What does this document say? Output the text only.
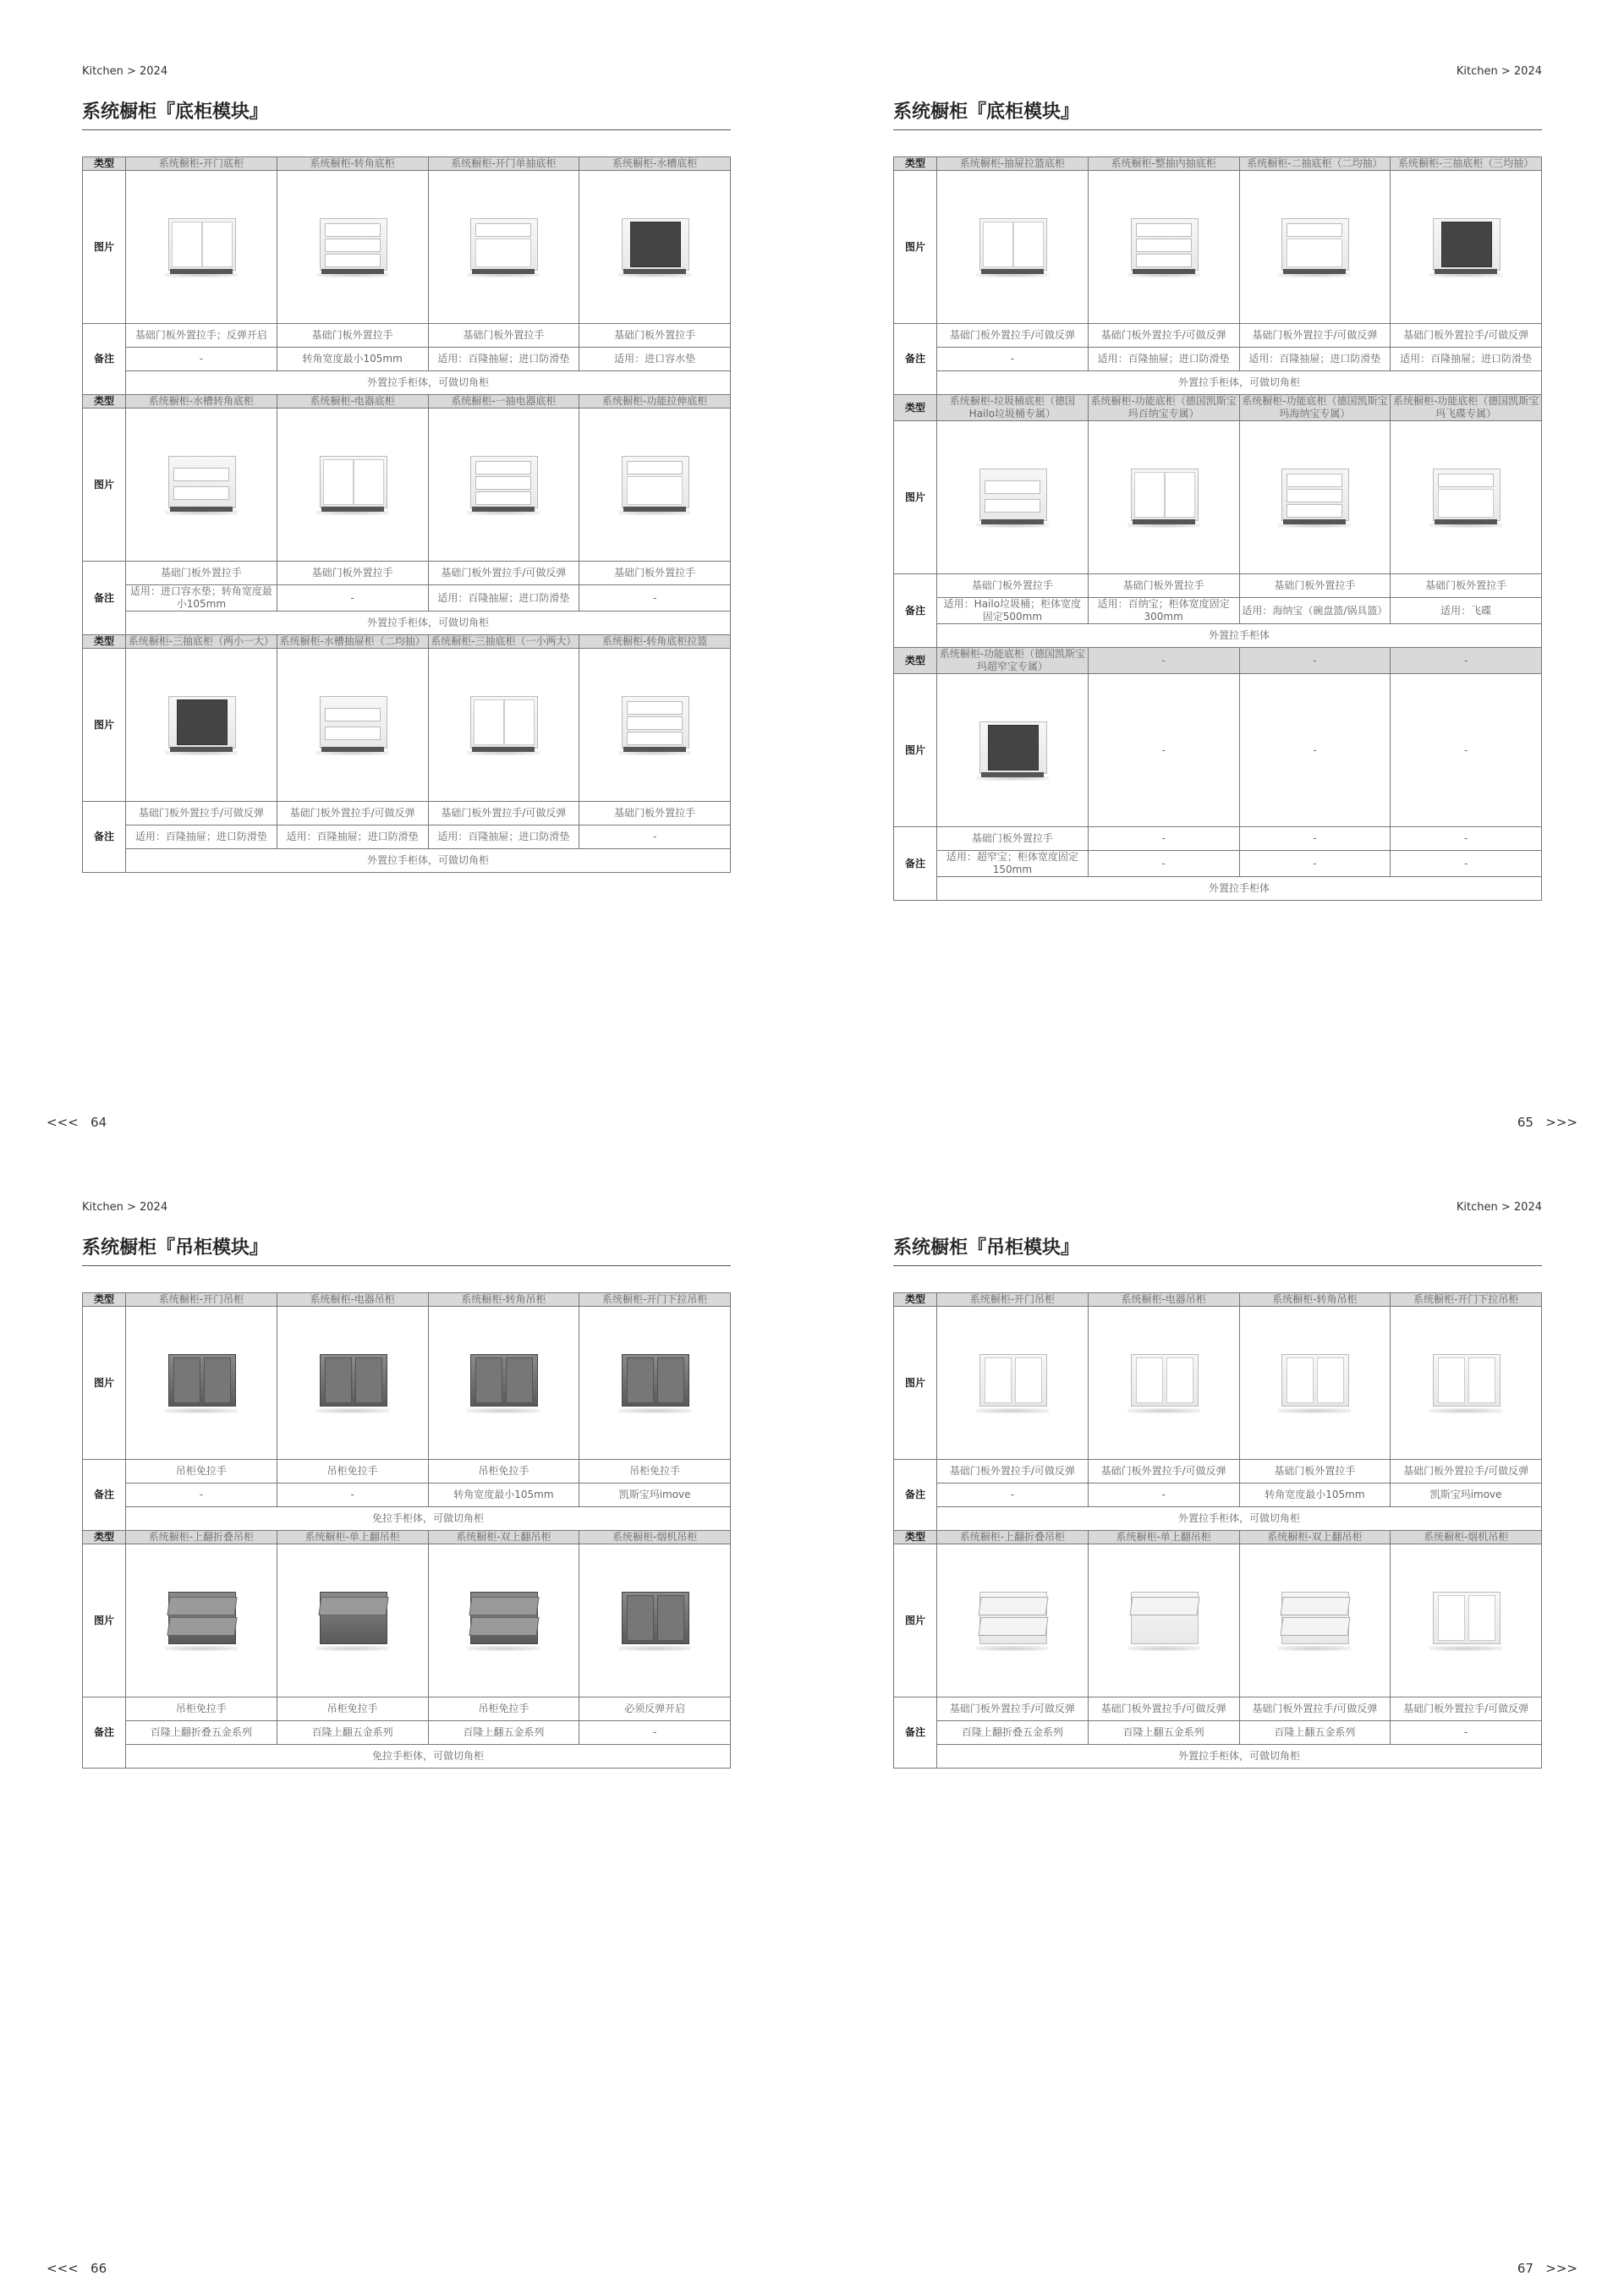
Kitchen > 2024
系统橱柜『底柜模块』
类型	系统橱柜-开门底柜	系统橱柜-转角底柜	系统橱柜-开门单抽底柜	系统橱柜-水槽底柜
图片	

备注	基础门板外置拉手；反弹开启	基础门板外置拉手	基础门板外置拉手	基础门板外置拉手
	-	转角宽度最小105mm	适用：百隆抽屉；进口防滑垫	适用：进口容水垫
	外置拉手柜体，可做切角柜			
类型	系统橱柜-水槽转角底柜	系统橱柜-电器底柜	系统橱柜-一抽电器底柜	系统橱柜-功能拉伸底柜
图片	

备注	基础门板外置拉手	基础门板外置拉手	基础门板外置拉手/可做反弹	基础门板外置拉手
	适用：进口容水垫；转角宽度最小105mm	-	适用：百隆抽屉；进口防滑垫	-
	外置拉手柜体，可做切角柜			
类型	系统橱柜-三抽底柜（两小一大）	系统橱柜-水槽抽屉柜（二均抽）	系统橱柜-三抽底柜（一小两大）	系统橱柜-转角底柜拉篮
图片	

备注	基础门板外置拉手/可做反弹	基础门板外置拉手/可做反弹	基础门板外置拉手/可做反弹	基础门板外置拉手
	适用：百隆抽屉；进口防滑垫	适用：百隆抽屉；进口防滑垫	适用：百隆抽屉；进口防滑垫	-
	外置拉手柜体，可做切角柜			
<<< 64
Kitchen > 2024
系统橱柜『底柜模块』
类型	系统橱柜-抽屉拉篮底柜	系统橱柜-整抽内抽底柜	系统橱柜-二抽底柜（二均抽）	系统橱柜-三抽底柜（三均抽）
图片	

备注	基础门板外置拉手/可做反弹	基础门板外置拉手/可做反弹	基础门板外置拉手/可做反弹	基础门板外置拉手/可做反弹
	-	适用：百隆抽屉；进口防滑垫	适用：百隆抽屉；进口防滑垫	适用：百隆抽屉；进口防滑垫
	外置拉手柜体，可做切角柜			
类型	系统橱柜-垃圾桶底柜（德国Hailo垃圾桶专属）	系统橱柜-功能底柜（德国凯斯宝玛百纳宝专属）	系统橱柜-功能底柜（德国凯斯宝玛海纳宝专属）	系统橱柜-功能底柜（德国凯斯宝玛飞碟专属）
图片	

备注	基础门板外置拉手	基础门板外置拉手	基础门板外置拉手	基础门板外置拉手
	适用：Hailo垃圾桶；柜体宽度固定500mm	适用：百纳宝；柜体宽度固定300mm	适用：海纳宝（碗盘篮/锅具篮）	适用：飞碟
	外置拉手柜体			
类型	系统橱柜-功能底柜（德国凯斯宝玛超窄宝专属）	-	-	-
图片		-	-	-
备注	基础门板外置拉手	-	-	-
	适用：超窄宝；柜体宽度固定150mm	-	-	-
	外置拉手柜体			
65 >>>
Kitchen > 2024
系统橱柜『吊柜模块』
类型	系统橱柜-开门吊柜	系统橱柜-电器吊柜	系统橱柜-转角吊柜	系统橱柜-开门下拉吊柜
图片	

备注	吊柜免拉手	吊柜免拉手	吊柜免拉手	吊柜免拉手
	-	-	转角宽度最小105mm	凯斯宝玛imove
	免拉手柜体，可做切角柜			
类型	系统橱柜-上翻折叠吊柜	系统橱柜-单上翻吊柜	系统橱柜-双上翻吊柜	系统橱柜-烟机吊柜
图片	

备注	吊柜免拉手	吊柜免拉手	吊柜免拉手	必须反弹开启
	百隆上翻折叠五金系列	百隆上翻五金系列	百隆上翻五金系列	-
	免拉手柜体，可做切角柜			
<<< 66
Kitchen > 2024
系统橱柜『吊柜模块』
类型	系统橱柜-开门吊柜	系统橱柜-电器吊柜	系统橱柜-转角吊柜	系统橱柜-开门下拉吊柜
图片	

备注	基础门板外置拉手/可做反弹	基础门板外置拉手/可做反弹	基础门板外置拉手	基础门板外置拉手/可做反弹
	-	-	转角宽度最小105mm	凯斯宝玛imove
	外置拉手柜体，可做切角柜			
类型	系统橱柜-上翻折叠吊柜	系统橱柜-单上翻吊柜	系统橱柜-双上翻吊柜	系统橱柜-烟机吊柜
图片	

备注	基础门板外置拉手/可做反弹	基础门板外置拉手/可做反弹	基础门板外置拉手/可做反弹	基础门板外置拉手/可做反弹
	百隆上翻折叠五金系列	百隆上翻五金系列	百隆上翻五金系列	-
	外置拉手柜体，可做切角柜			
67 >>>
